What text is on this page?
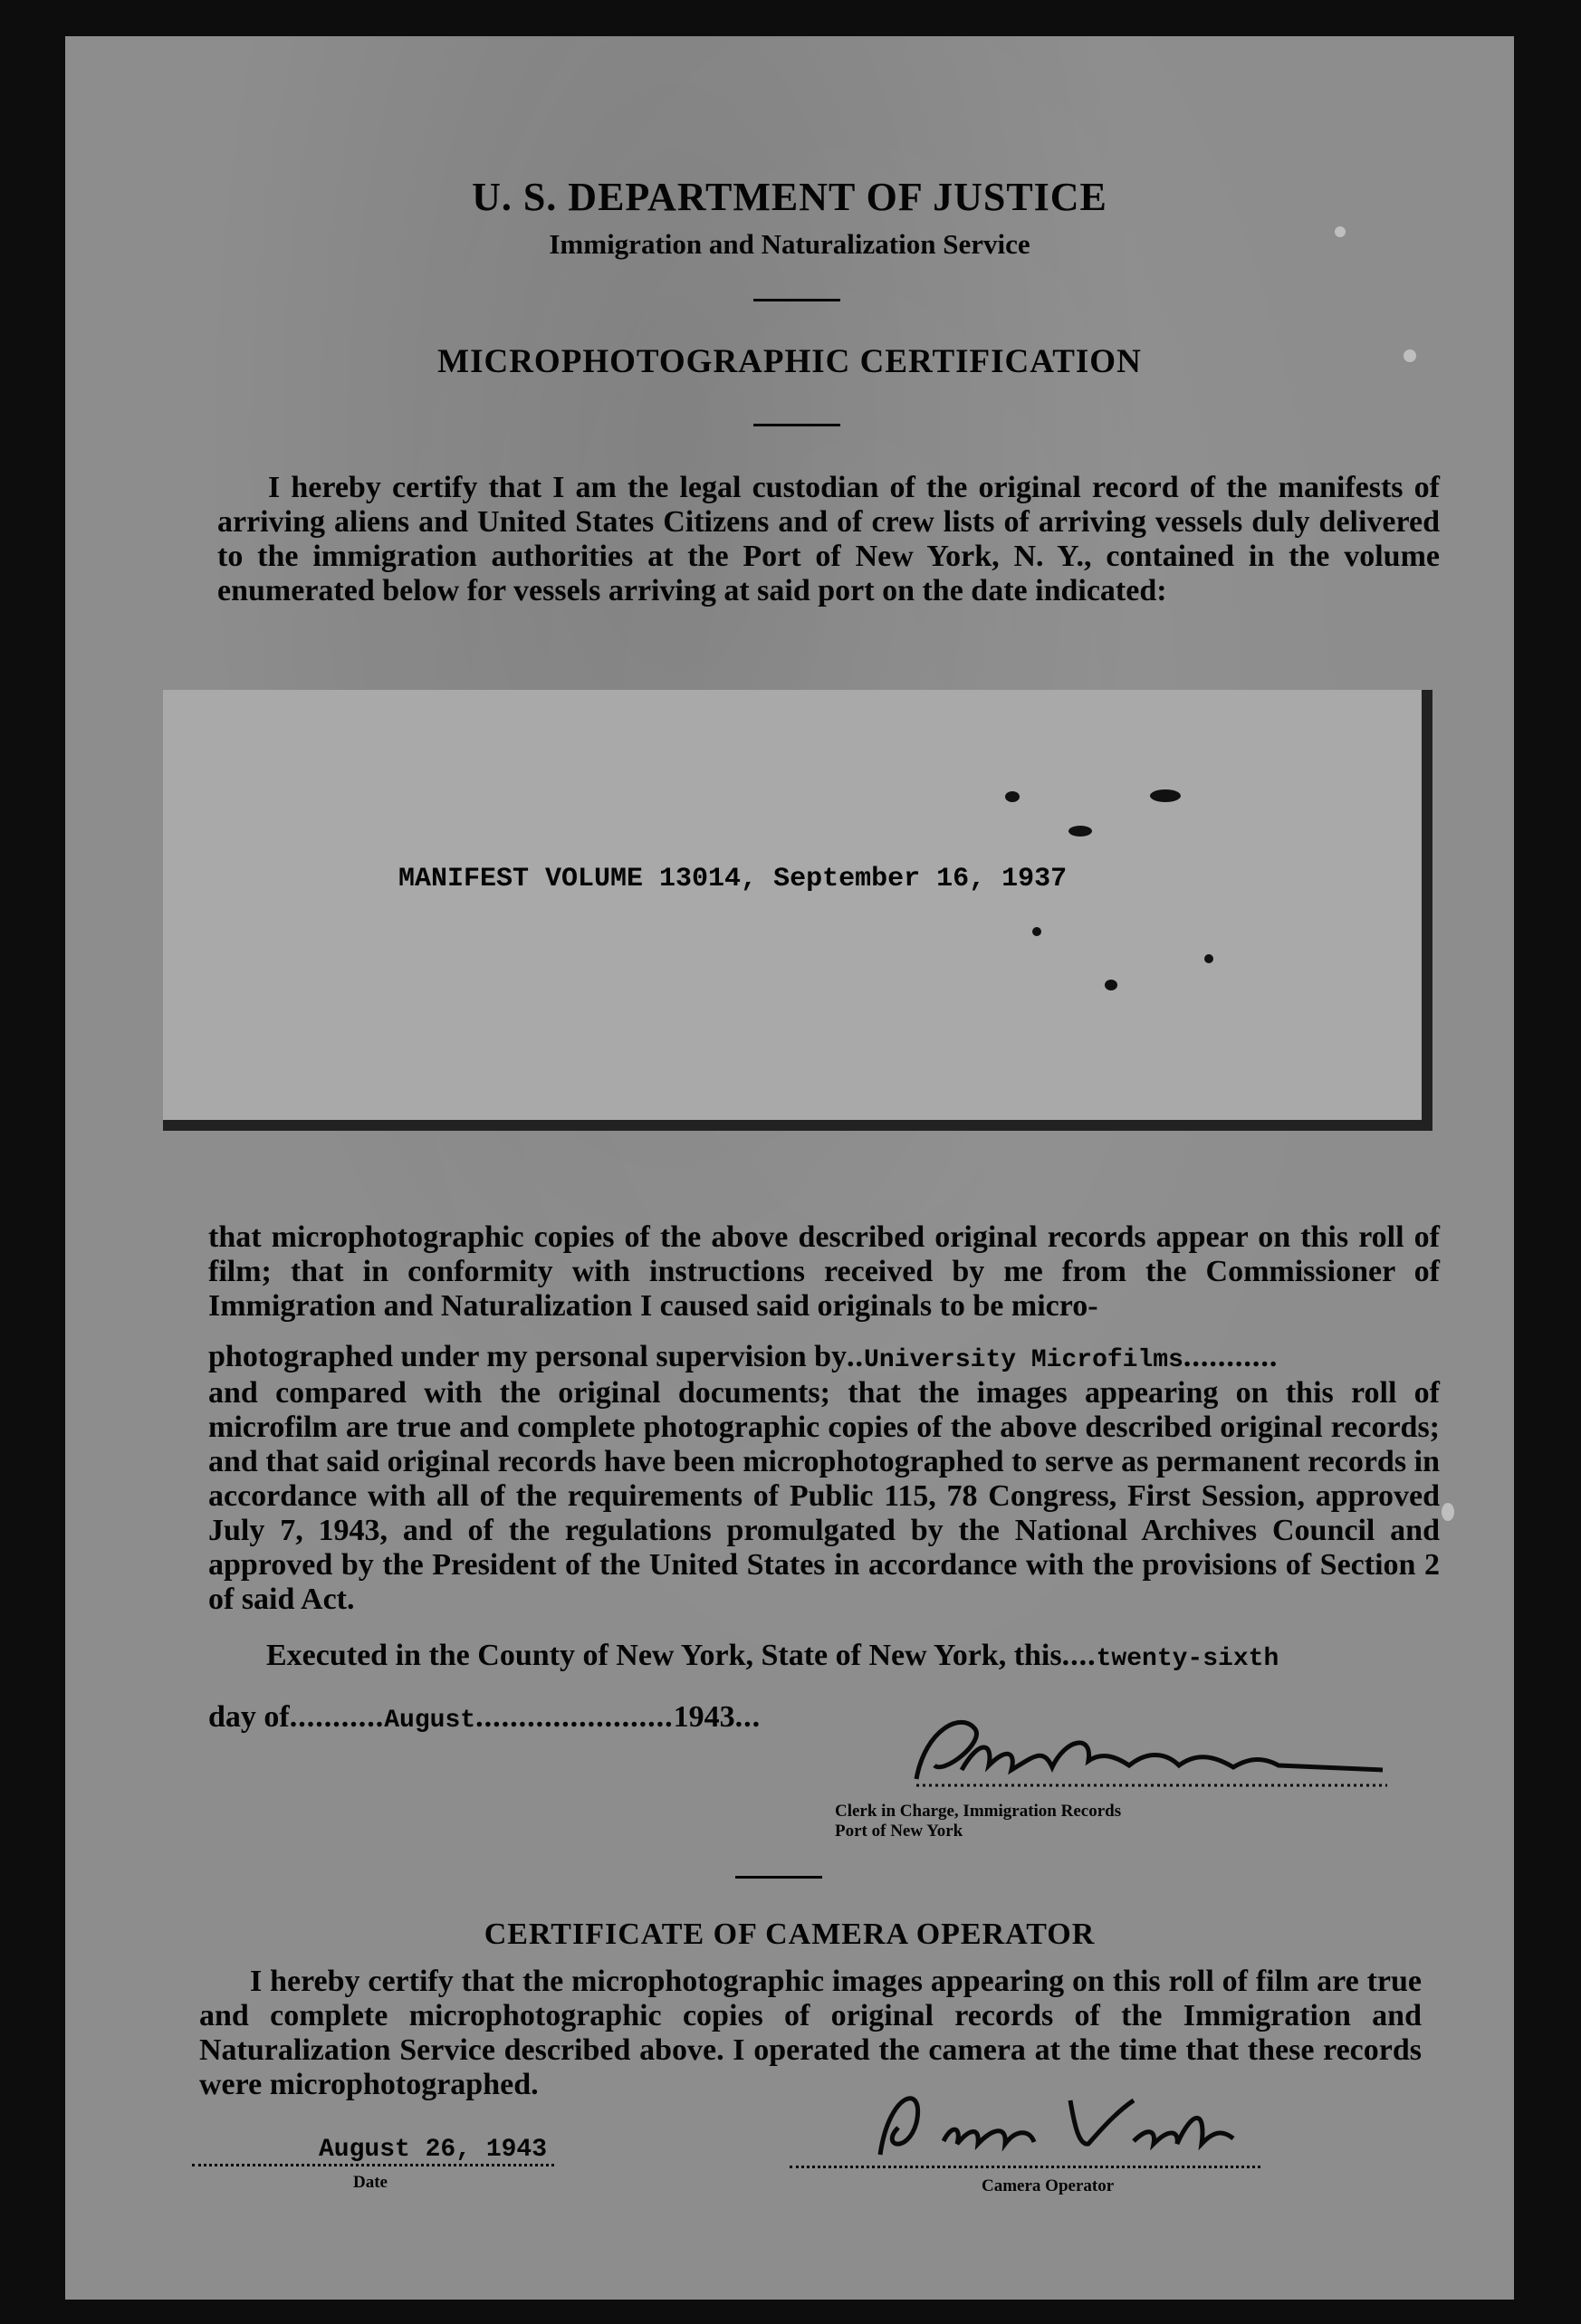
U. S. DEPARTMENT OF JUSTICE
Immigration and Naturalization Service
MICROPHOTOGRAPHIC CERTIFICATION

I hereby certify that I am the legal custodian of the original record of the manifests of arriving aliens and United States Citizens and of crew lists of arriving vessels duly delivered to the immigration authorities at the Port of New York, N. Y., contained in the volume enumerated below for vessels arriving at said port on the date indicated:

MANIFEST VOLUME 13014, September 16, 1937

that microphotographic copies of the above described original records appear on this roll of film; that in conformity with instructions received by me from the Commissioner of Immigration and Naturalization I caused said originals to be micro-

photographed under my personal supervision by..University Microfilms...........

and compared with the original documents; that the images appearing on this roll of microfilm are true and complete photographic copies of the above described original records; and that said original records have been microphotographed to serve as permanent records in accordance with all of the requirements of Public 115, 78 Congress, First Session, approved July 7, 1943, and of the regulations promulgated by the National Archives Council and approved by the President of the United States in accordance with the provisions of Section 2 of said Act.

Executed in the County of New York, State of New York, this....twenty-sixth
day of...........August.......................1943...
Clerk in Charge, Immigration Records
Port of New York
CERTIFICATE OF CAMERA OPERATOR

I hereby certify that the microphotographic images appearing on this roll of film are true and complete microphotographic copies of original records of the Immigration and Naturalization Service described above. I operated the camera at the time that these records were microphotographed.

August 26, 1943
Date	Camera Operator
